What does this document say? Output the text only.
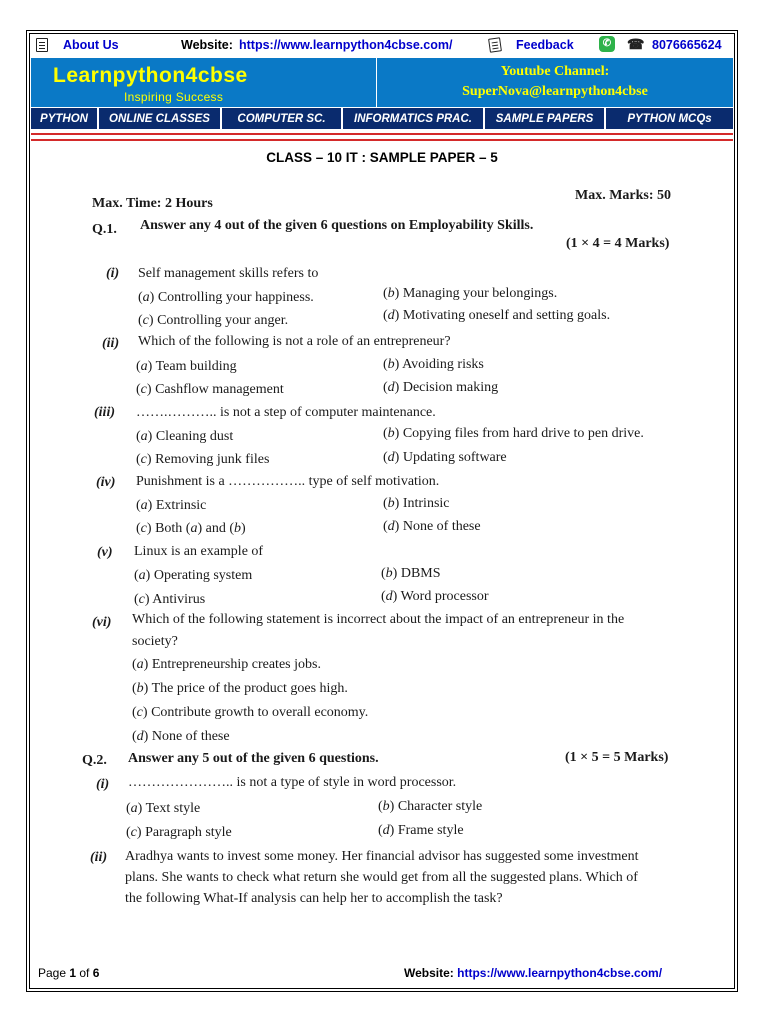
About Us	Website: https://www.learnpython4cbse.com/	Feedback	✆ ☎ 8076665624
Learnpython4cbse
Inspiring Success
Youtube Channel:
SuperNova@learnpython4cbse
PYTHON	ONLINE CLASSES	COMPUTER SC.	INFORMATICS PRAC.	SAMPLE PAPERS	PYTHON MCQs
CLASS – 10 IT : SAMPLE PAPER – 5
Max. Time: 2 Hours
Max. Marks: 50
Q.1. Answer any 4 out of the given 6 questions on Employability Skills.
(1 × 4 = 4 Marks)
(i) Self management skills refers to
(a) Controlling your happiness.	(b) Managing your belongings.
(c) Controlling your anger.	(d) Motivating oneself and setting goals.
(ii) Which of the following is not a role of an entrepreneur?
(a) Team building	(b) Avoiding risks
(c) Cashflow management	(d) Decision making
(iii) …….……….. is not a step of computer maintenance.
(a) Cleaning dust	(b) Copying files from hard drive to pen drive.
(c) Removing junk files	(d) Updating software
(iv) Punishment is a …………….. type of self motivation.
(a) Extrinsic	(b) Intrinsic
(c) Both (a) and (b)	(d) None of these
(v) Linux is an example of
(a) Operating system	(b) DBMS
(c) Antivirus	(d) Word processor
(vi) Which of the following statement is incorrect about the impact of an entrepreneur in the
society?
(a) Entrepreneurship creates jobs.
(b) The price of the product goes high.
(c) Contribute growth to overall economy.
(d) None of these
Q.2. Answer any 5 out of the given 6 questions.	(1 × 5 = 5 Marks)
(i) ………………….. is not a type of style in word processor.
(a) Text style	(b) Character style
(c) Paragraph style	(d) Frame style
(ii) Aradhya wants to invest some money. Her financial advisor has suggested some investment
plans. She wants to check what return she would get from all the suggested plans. Which of
the following What-If analysis can help her to accomplish the task?
Page 1 of 6	Website: https://www.learnpython4cbse.com/
